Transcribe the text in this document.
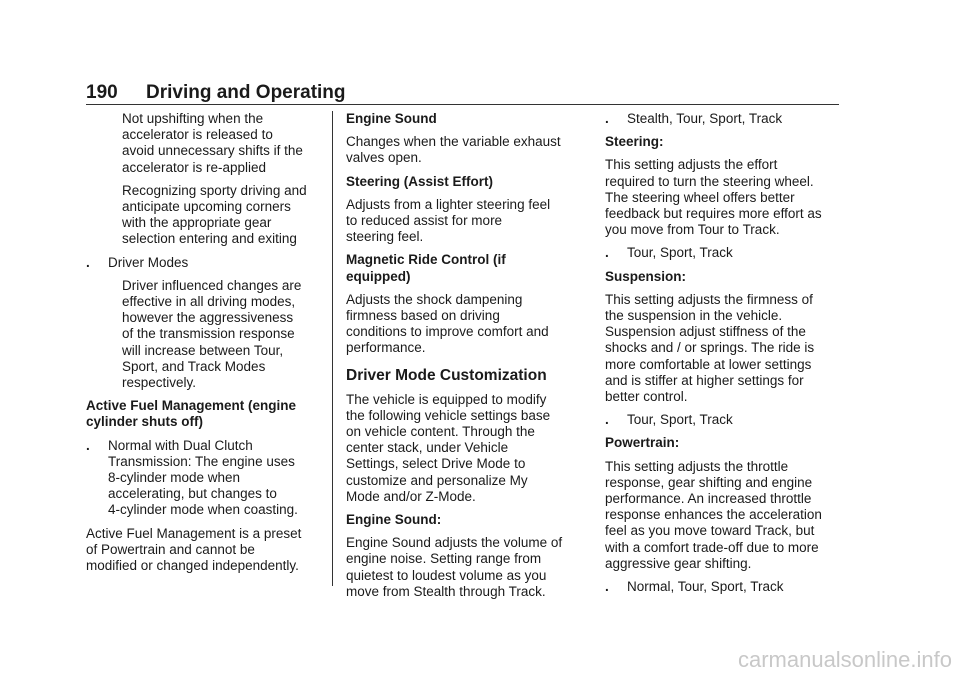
190 Driving and Operating

Not upshifting when the
accelerator is released to
avoid unnecessary shifts if the
accelerator is re-applied

Recognizing sporty driving and
anticipate upcoming corners
with the appropriate gear
selection entering and exiting

.	Driver Modes

Driver influenced changes are
effective in all driving modes,
however the aggressiveness
of the transmission response
will increase between Tour,
Sport, and Track Modes
respectively.

Active Fuel Management (engine
cylinder shuts off)

.	Normal with Dual Clutch
Transmission: The engine uses
8-cylinder mode when
accelerating, but changes to
4-cylinder mode when coasting.

Active Fuel Management is a preset
of Powertrain and cannot be
modified or changed independently.

Engine Sound

Changes when the variable exhaust
valves open.

Steering (Assist Effort)

Adjusts from a lighter steering feel
to reduced assist for more
steering feel.

Magnetic Ride Control (if
equipped)

Adjusts the shock dampening
firmness based on driving
conditions to improve comfort and
performance.

Driver Mode Customization

The vehicle is equipped to modify
the following vehicle settings base
on vehicle content. Through the
center stack, under Vehicle
Settings, select Drive Mode to
customize and personalize My
Mode and/or Z-Mode.

Engine Sound:

Engine Sound adjusts the volume of
engine noise. Setting range from
quietest to loudest volume as you
move from Stealth through Track.

.	Stealth, Tour, Sport, Track

Steering:

This setting adjusts the effort
required to turn the steering wheel.
The steering wheel offers better
feedback but requires more effort as
you move from Tour to Track.

.	Tour, Sport, Track

Suspension:

This setting adjusts the firmness of
the suspension in the vehicle.
Suspension adjust stiffness of the
shocks and / or springs. The ride is
more comfortable at lower settings
and is stiffer at higher settings for
better control.

.	Tour, Sport, Track

Powertrain:

This setting adjusts the throttle
response, gear shifting and engine
performance. An increased throttle
response enhances the acceleration
feel as you move toward Track, but
with a comfort trade-off due to more
aggressive gear shifting.

.	Normal, Tour, Sport, Track
carmanualsonline.info
